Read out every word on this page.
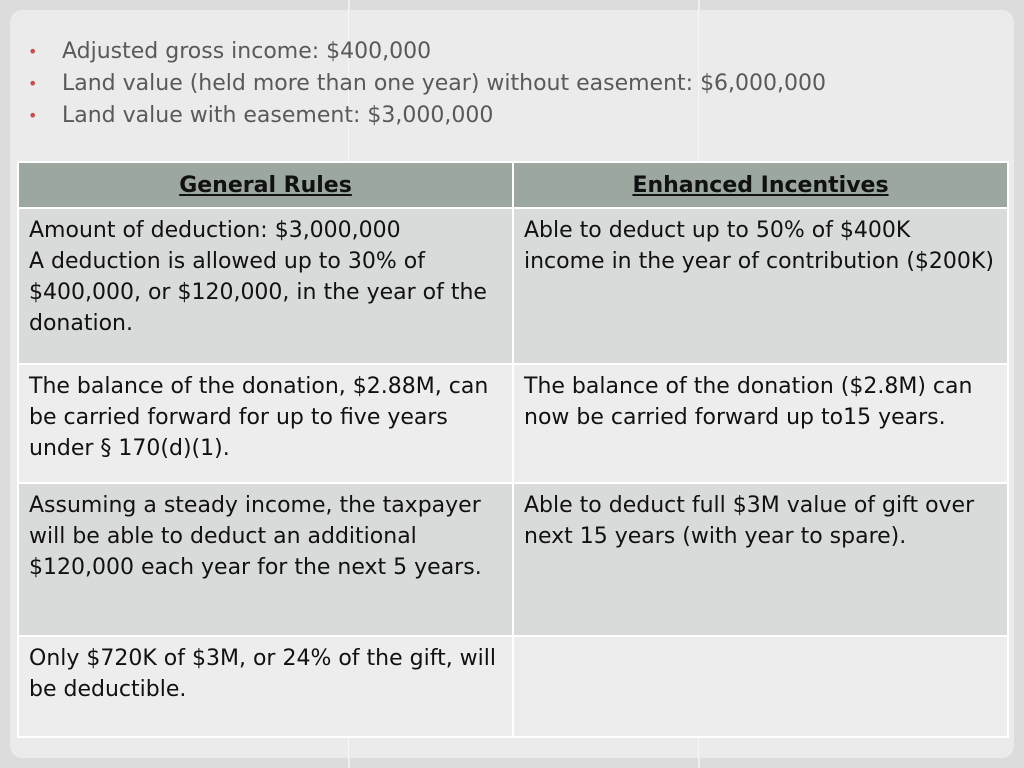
• Adjusted gross income: $400,000
• Land value (held more than one year) without easement: $6,000,000
• Land value with easement: $3,000,000
General Rules	Enhanced Incentives

Amount of deduction: $3,000,000
A deduction is allowed up to 30% of $400,000, or $120,000, in the year of the donation.	Able to deduct up to 50% of $400K income in the year of contribution ($200K)

The balance of the donation, $2.88M, can be carried forward for up to five years under § 170(d)(1).	The balance of the donation ($2.8M) can now be carried forward up to15 years.

Assuming a steady income, the taxpayer will be able to deduct an additional $120,000 each year for the next 5 years.	Able to deduct full $3M value of gift over next 15 years (with year to spare).

Only $720K of $3M, or 24% of the gift, will be deductible.	
